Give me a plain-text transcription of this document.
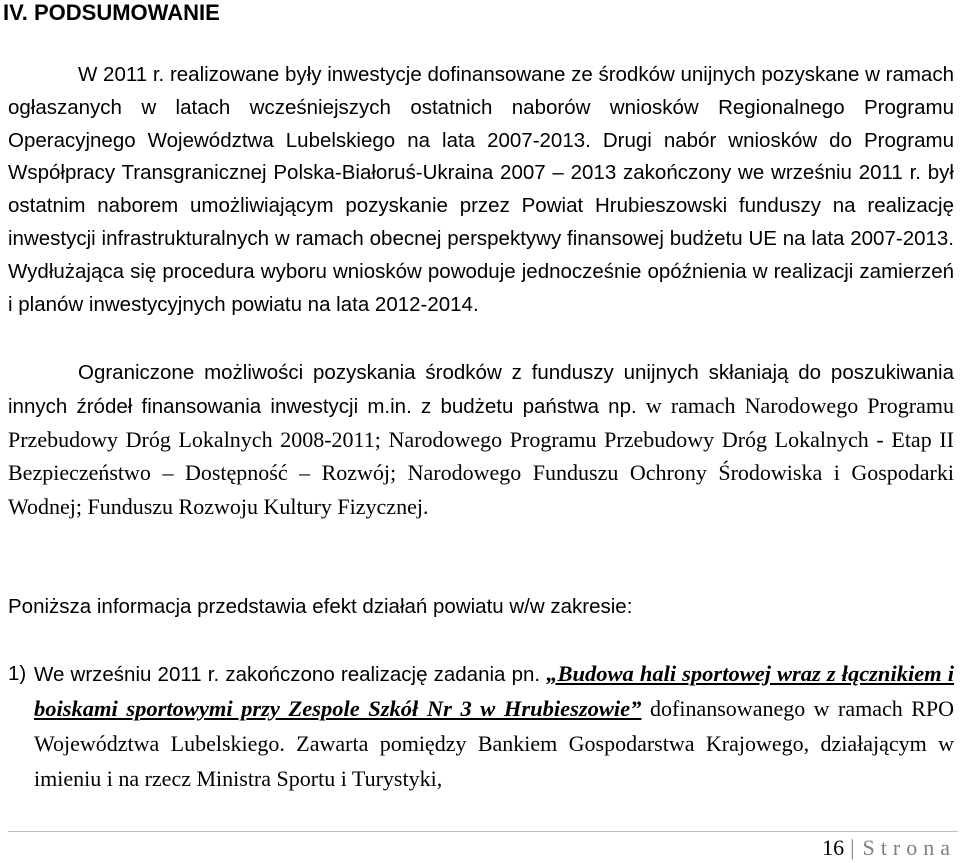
IV. PODSUMOWANIE
W 2011 r. realizowane były inwestycje dofinansowane ze środków unijnych pozyskane w ramach ogłaszanych w latach wcześniejszych ostatnich naborów wniosków Regionalnego Programu Operacyjnego Województwa Lubelskiego na lata 2007-2013. Drugi nabór wniosków do Programu Współpracy Transgranicznej Polska-Białoruś-Ukraina 2007 – 2013 zakończony we wrześniu 2011 r. był ostatnim naborem umożliwiającym pozyskanie przez Powiat Hrubieszowski funduszy na realizację inwestycji infrastrukturalnych w ramach obecnej perspektywy finansowej budżetu UE na lata 2007-2013. Wydłużająca się procedura wyboru wniosków powoduje jednocześnie opóźnienia w realizacji zamierzeń i planów inwestycyjnych powiatu na lata 2012-2014.
Ograniczone możliwości pozyskania środków z funduszy unijnych skłaniają do poszukiwania innych źródeł finansowania inwestycji m.in. z budżetu państwa np. w ramach Narodowego Programu Przebudowy Dróg Lokalnych 2008-2011; Narodowego Programu Przebudowy Dróg Lokalnych - Etap II Bezpieczeństwo – Dostępność – Rozwój; Narodowego Funduszu Ochrony Środowiska i Gospodarki Wodnej; Funduszu Rozwoju Kultury Fizycznej.
Poniższa informacja przedstawia efekt działań powiatu w/w zakresie:
1) We wrześniu 2011 r. zakończono realizację zadania pn. „Budowa hali sportowej wraz z łącznikiem i boiskami sportowymi przy Zespole Szkół Nr 3 w Hrubieszowie” dofinansowanego w ramach RPO Województwa Lubelskiego. Zawarta pomiędzy Bankiem Gospodarstwa Krajowego, działającym w imieniu i na rzecz Ministra Sportu i Turystyki,
16 | Strona
